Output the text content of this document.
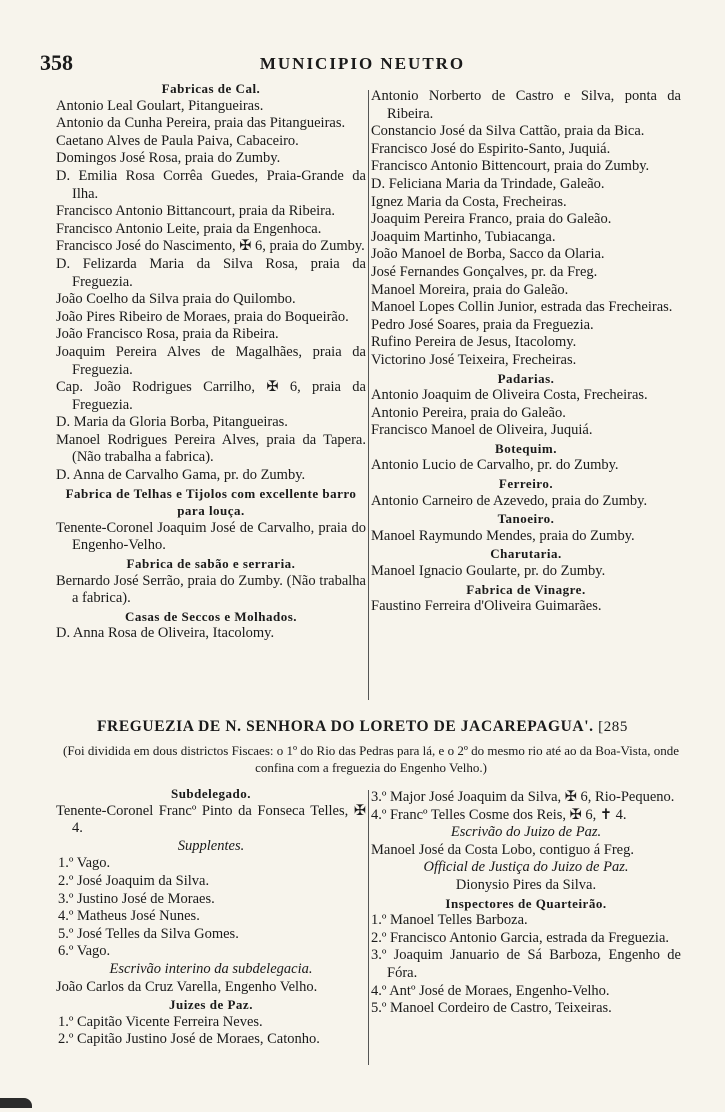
358	MUNICIPIO NEUTRO
Fabricas de Cal.
Antonio Leal Goulart, Pitangueiras.
Antonio da Cunha Pereira, praia das Pitangueiras.
Caetano Alves de Paula Paiva, Cabaceiro.
Domingos José Rosa, praia do Zumby.
D. Emilia Rosa Corrêa Guedes, Praia-Grande da Ilha.
Francisco Antonio Bittancourt, praia da Ribeira.
Francisco Antonio Leite, praia da Engenhoca.
Francisco José do Nascimento, ✠ 6, praia do Zumby.
D. Felizarda Maria da Silva Rosa, praia da Freguezia.
João Coelho da Silva praia do Quilombo.
João Pires Ribeiro de Moraes, praia do Boqueirão.
João Francisco Rosa, praia da Ribeira.
Joaquim Pereira Alves de Magalhães, praia da Freguezia.
Cap. João Rodrigues Carrilho, ✠ 6, praia da Freguezia.
D. Maria da Gloria Borba, Pitangueiras.
Manoel Rodrigues Pereira Alves, praia da Tapera. (Não trabalha a fabrica).
D. Anna de Carvalho Gama, pr. do Zumby.
Fabrica de Telhas e Tijolos com excellente barro para louça.
Tenente-Coronel Joaquim José de Carvalho, praia do Engenho-Velho.
Fabrica de sabão e serraria.
Bernardo José Serrão, praia do Zumby. (Não trabalha a fabrica).
Casas de Seccos e Molhados.
D. Anna Rosa de Oliveira, Itacolomy.
Antonio Norberto de Castro e Silva, ponta da Ribeira.
Constancio José da Silva Cattão, praia da Bica.
Francisco José do Espirito-Santo, Juquiá.
Francisco Antonio Bittencourt, praia do Zumby.
D. Feliciana Maria da Trindade, Galeão.
Ignez Maria da Costa, Frecheiras.
Joaquim Pereira Franco, praia do Galeão.
Joaquim Martinho, Tubiacanga.
João Manoel de Borba, Sacco da Olaria.
José Fernandes Gonçalves, pr. da Freg.
Manoel Moreira, praia do Galeão.
Manoel Lopes Collin Junior, estrada das Frecheiras.
Pedro José Soares, praia da Freguezia.
Rufino Pereira de Jesus, Itacolomy.
Victorino José Teixeira, Frecheiras.
Padarias.
Antonio Joaquim de Oliveira Costa, Frecheiras.
Antonio Pereira, praia do Galeão.
Francisco Manoel de Oliveira, Juquiá.
Botequim.
Antonio Lucio de Carvalho, pr. do Zumby.
Ferreiro.
Antonio Carneiro de Azevedo, praia do Zumby.
Tanoeiro.
Manoel Raymundo Mendes, praia do Zumby.
Charutaria.
Manoel Ignacio Goularte, pr. do Zumby.
Fabrica de Vinagre.
Faustino Ferreira d'Oliveira Guimarães.
FREGUEZIA DE N. SENHORA DO LORETO DE JACAREPAGUA'. [285
(Foi dividida em dous districtos Fiscaes: o 1º do Rio das Pedras para lá, e o 2º do mesmo rio até ao da Boa-Vista, onde confina com a freguezia do Engenho Velho.)
Subdelegado.
Tenente-Coronel Francº Pinto da Fonseca Telles, ✠ 4.
Supplentes.
1.º Vago.
2.º José Joaquim da Silva.
3.º Justino José de Moraes.
4.º Matheus José Nunes.
5.º José Telles da Silva Gomes.
6.º Vago.
Escrivão interino da subdelegacia.
João Carlos da Cruz Varella, Engenho Velho.
Juizes de Paz.
1.º Capitão Vicente Ferreira Neves.
2.º Capitão Justino José de Moraes, Catonho.
3.º Major José Joaquim da Silva, ✠ 6, Rio-Pequeno.
4.º Francº Telles Cosme dos Reis, ✠ 6, ✝ 4.
Escrivão do Juizo de Paz.
Manoel José da Costa Lobo, contiguo á Freg.
Official de Justiça do Juizo de Paz.
Dionysio Pires da Silva.
Inspectores de Quarteirão.
1.º Manoel Telles Barboza.
2.º Francisco Antonio Garcia, estrada da Freguezia.
3.º Joaquim Januario de Sá Barboza, Engenho de Fóra.
4.º Antº José de Moraes, Engenho-Velho.
5.º Manoel Cordeiro de Castro, Teixeiras.
